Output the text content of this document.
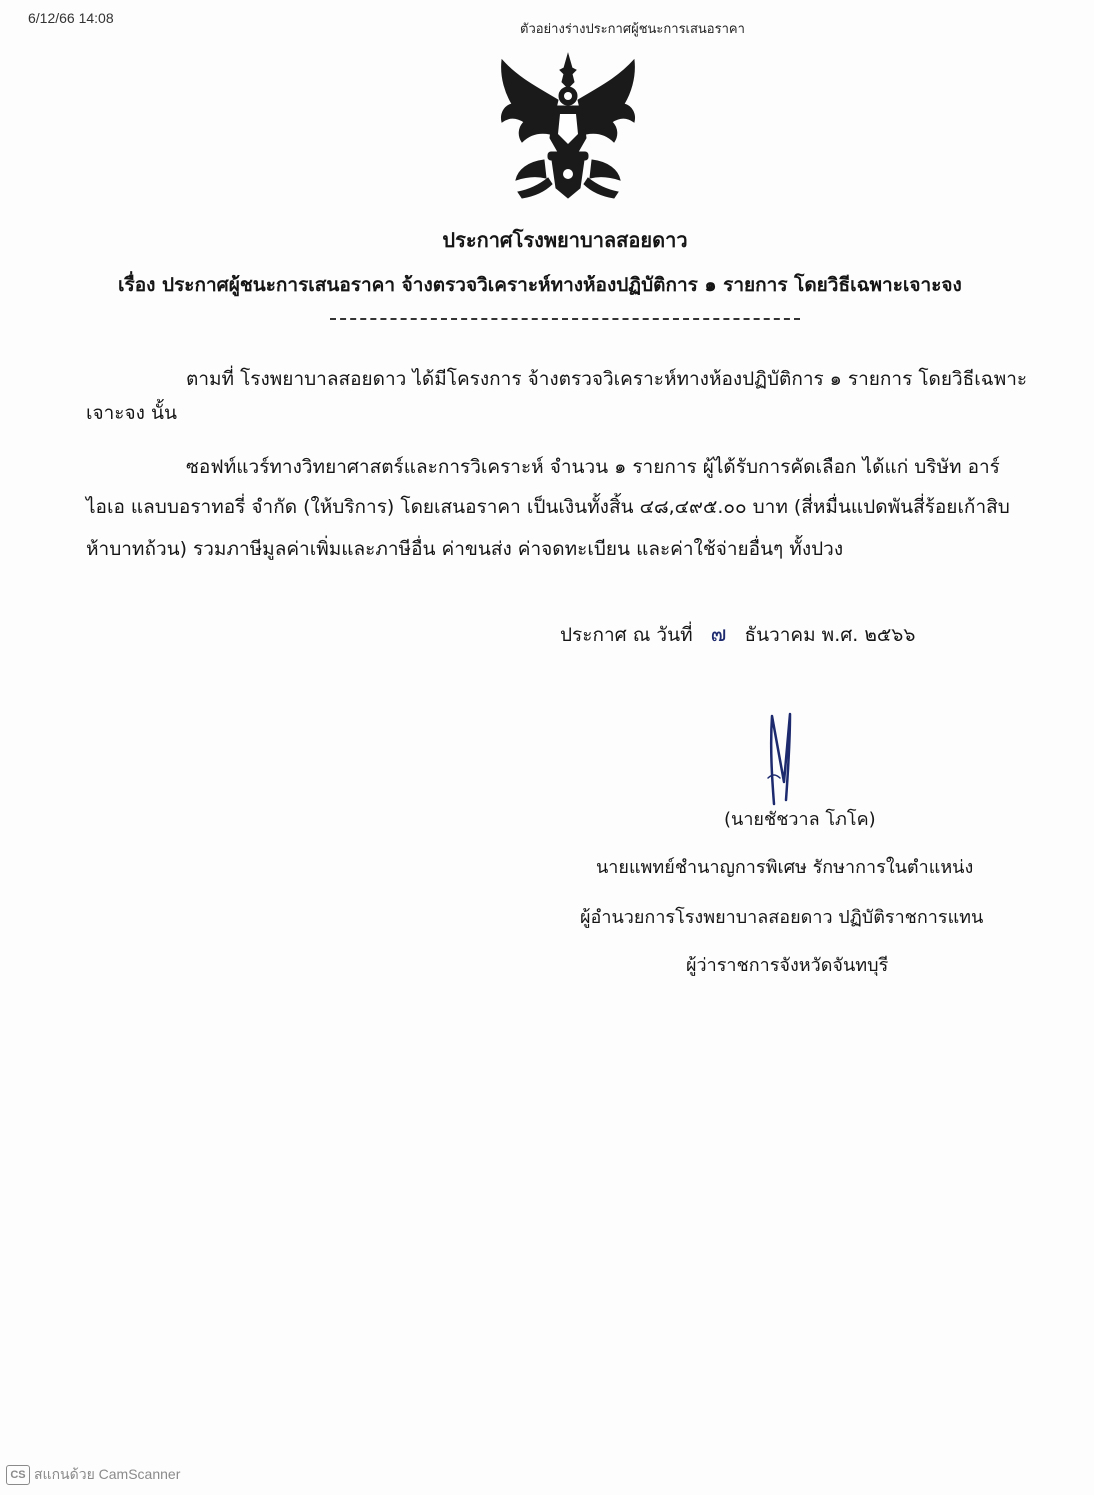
6/12/66 14:08
ตัวอย่างร่างประกาศผู้ชนะการเสนอราคา
ประกาศโรงพยาบาลสอยดาว
เรื่อง ประกาศผู้ชนะการเสนอราคา จ้างตรวจวิเคราะห์ทางห้องปฏิบัติการ ๑ รายการ โดยวิธีเฉพาะเจาะจง
ตามที่ โรงพยาบาลสอยดาว ได้มีโครงการ จ้างตรวจวิเคราะห์ทางห้องปฏิบัติการ ๑ รายการ โดยวิธีเฉพาะ
เจาะจง นั้น
ซอฟท์แวร์ทางวิทยาศาสตร์และการวิเคราะห์ จำนวน ๑ รายการ ผู้ได้รับการคัดเลือก ได้แก่ บริษัท อาร์
ไอเอ แลบบอราทอรี่ จำกัด (ให้บริการ) โดยเสนอราคา เป็นเงินทั้งสิ้น ๔๘,๔๙๕.๐๐ บาท (สี่หมื่นแปดพันสี่ร้อยเก้าสิบ
ห้าบาทถ้วน) รวมภาษีมูลค่าเพิ่มและภาษีอื่น ค่าขนส่ง ค่าจดทะเบียน และค่าใช้จ่ายอื่นๆ ทั้งปวง
ประกาศ ณ วันที่ ๗ ธันวาคม พ.ศ. ๒๕๖๖
(นายชัชวาล โภโค)
นายแพทย์ชำนาญการพิเศษ รักษาการในตำแหน่ง
ผู้อำนวยการโรงพยาบาลสอยดาว ปฏิบัติราชการแทน
ผู้ว่าราชการจังหวัดจันทบุรี
CS สแกนด้วย CamScanner
